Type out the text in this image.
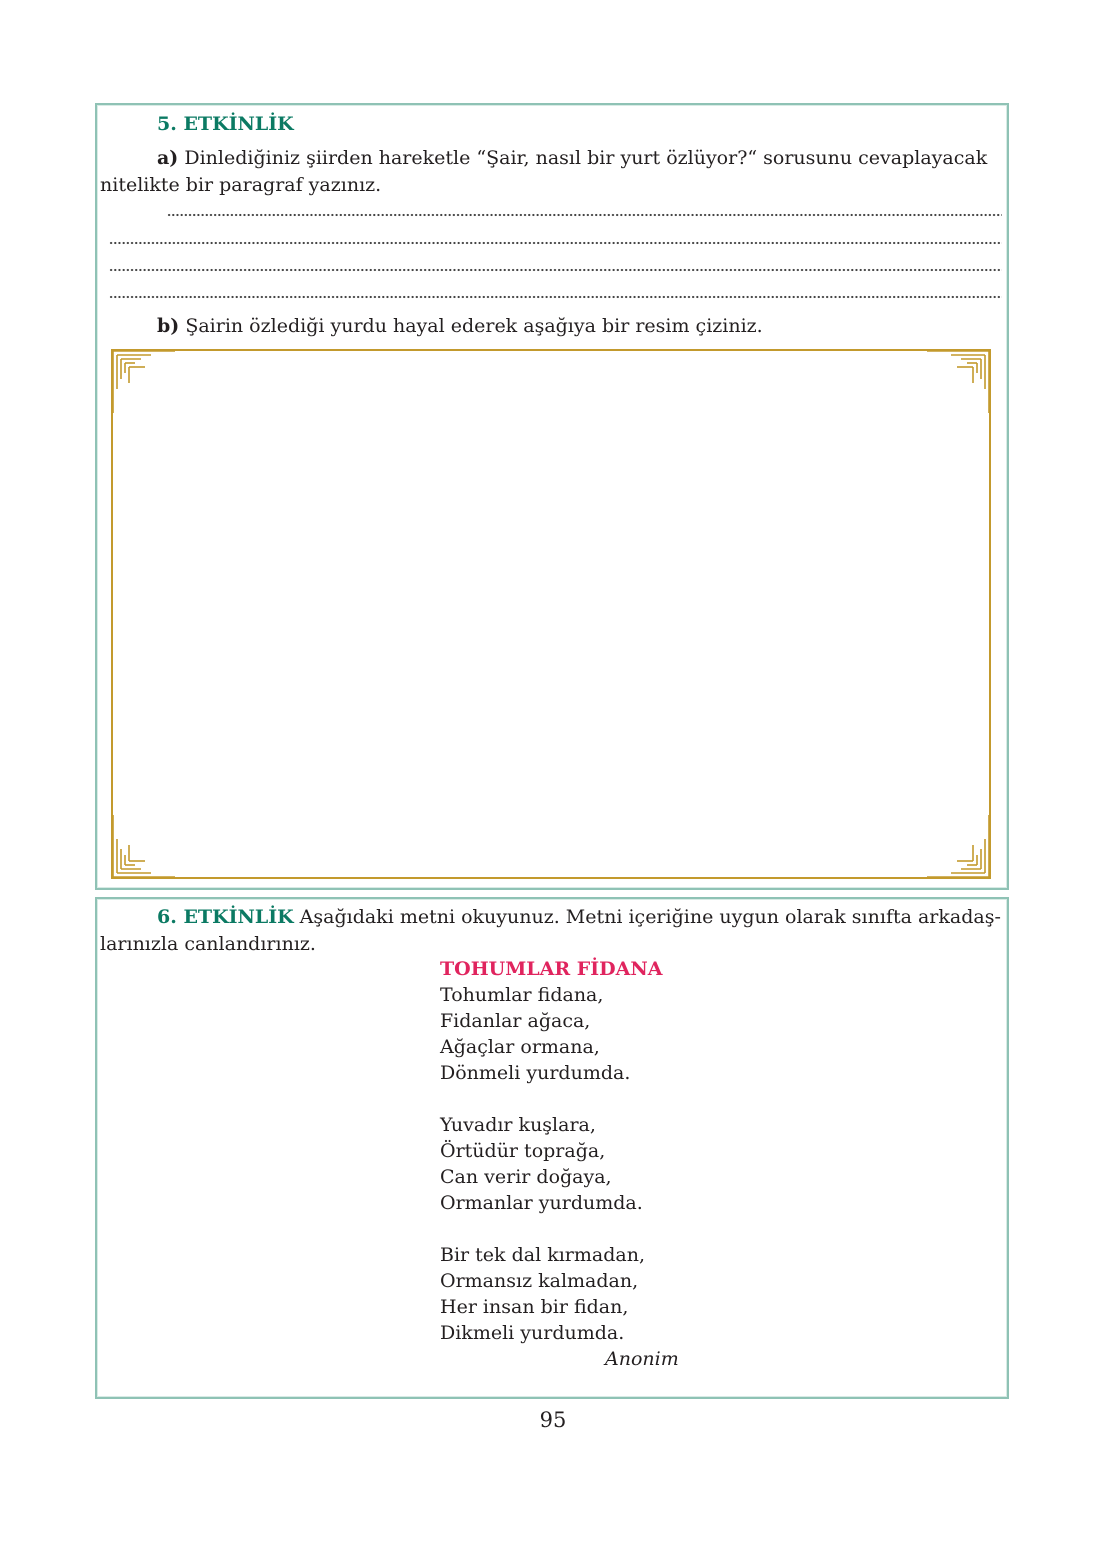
5. ETKİNLİK
a) Dinlediğiniz şiirden hareketle “Şair, nasıl bir yurt özlüyor?“ sorusunu cevaplayacak
nitelikte bir paragraf yazınız.
b) Şairin özlediği yurdu hayal ederek aşağıya bir resim çiziniz.
6. ETKİNLİK Aşağıdaki metni okuyunuz. Metni içeriğine uygun olarak sınıfta arkadaş-
larınızla canlandırınız.
TOHUMLAR FİDANA
Tohumlar fidana,
Fidanlar ağaca,
Ağaçlar ormana,
Dönmeli yurdumda.
Yuvadır kuşlara,
Örtüdür toprağa,
Can verir doğaya,
Ormanlar yurdumda.
Bir tek dal kırmadan,
Ormansız kalmadan,
Her insan bir fidan,
Dikmeli yurdumda.
Anonim
95
